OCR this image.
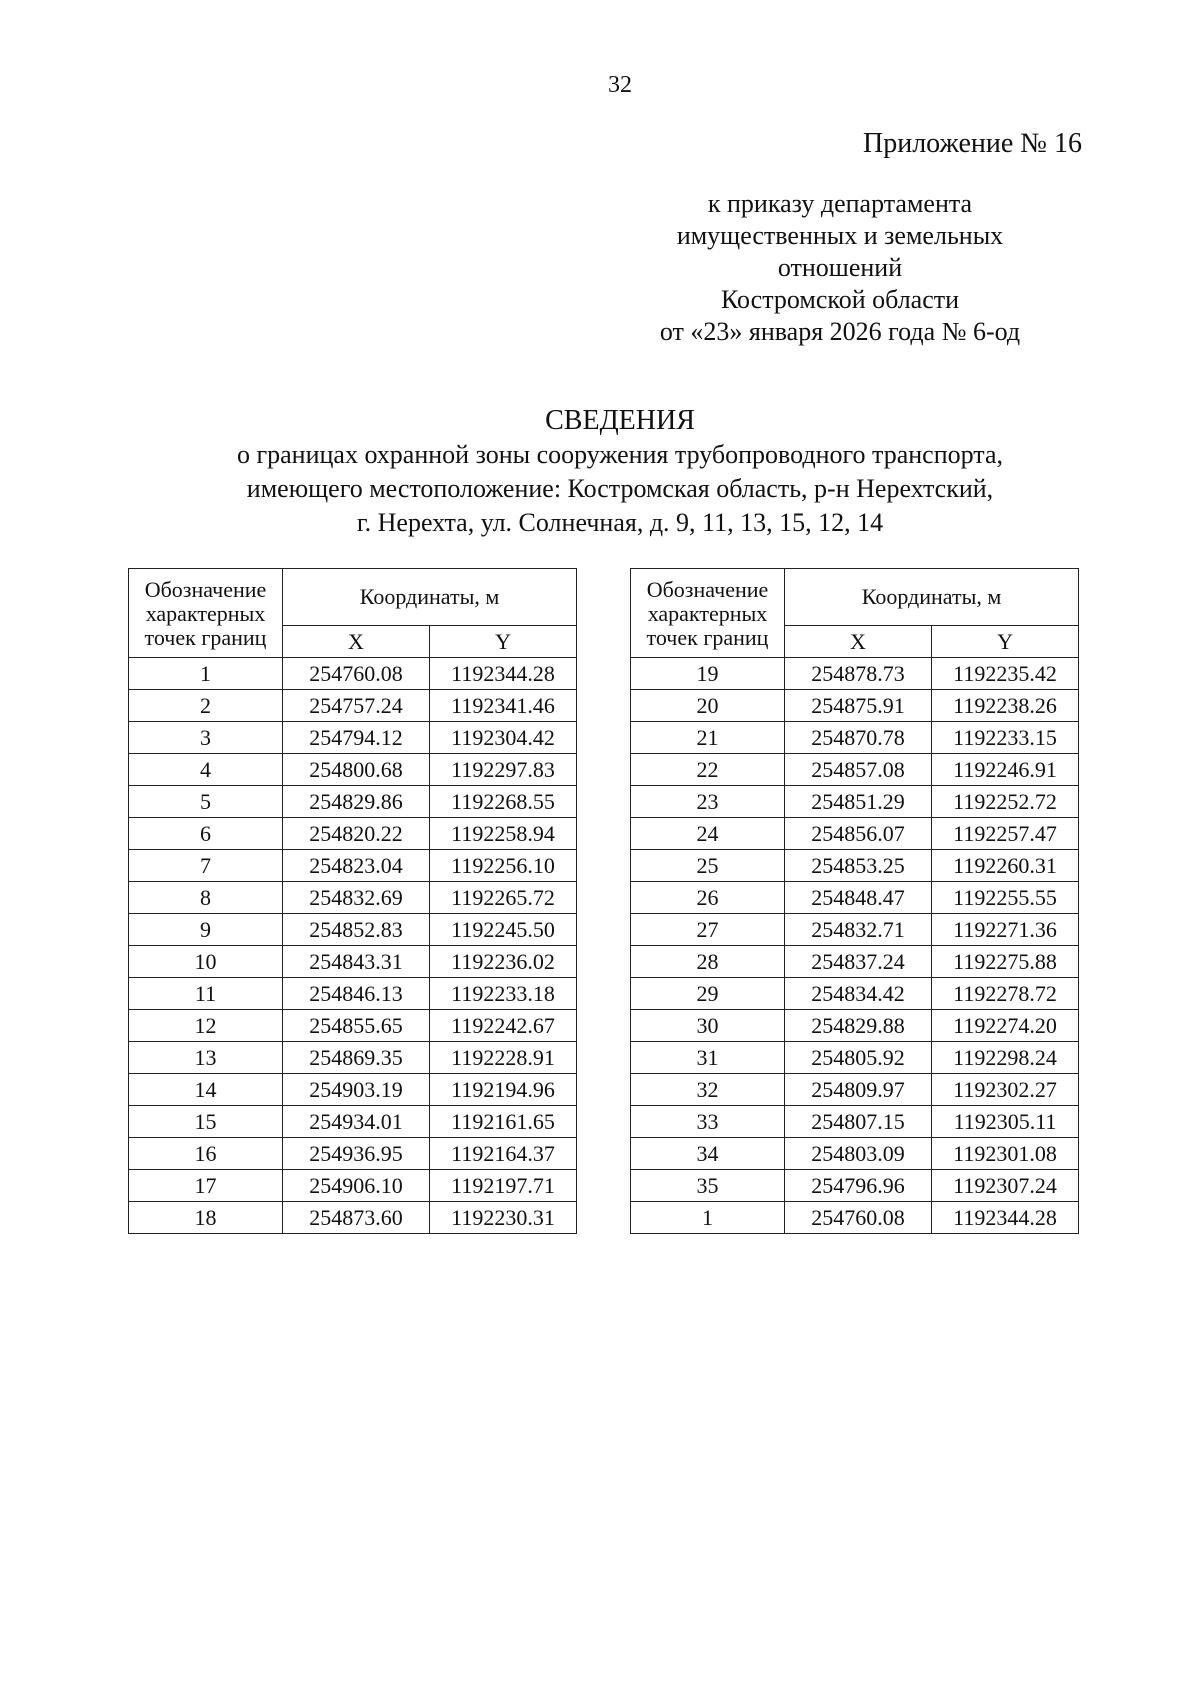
32
Приложение № 16
к приказу департамента
имущественных и земельных
отношений
Костромской области
от «23» января 2026 года № 6-од
СВЕДЕНИЯ
о границах охранной зоны сооружения трубопроводного транспорта,
имеющего местоположение: Костромская область, р-н Нерехтский,
г. Нерехта, ул. Солнечная, д. 9, 11, 13, 15, 12, 14
Обозначение
характерных
точек границ	Координаты, м	
	X	Y
1	254760.08	1192344.28
2	254757.24	1192341.46
3	254794.12	1192304.42
4	254800.68	1192297.83
5	254829.86	1192268.55
6	254820.22	1192258.94
7	254823.04	1192256.10
8	254832.69	1192265.72
9	254852.83	1192245.50
10	254843.31	1192236.02
11	254846.13	1192233.18
12	254855.65	1192242.67
13	254869.35	1192228.91
14	254903.19	1192194.96
15	254934.01	1192161.65
16	254936.95	1192164.37
17	254906.10	1192197.71
18	254873.60	1192230.31
Обозначение
характерных
точек границ	Координаты, м	
	X	Y
19	254878.73	1192235.42
20	254875.91	1192238.26
21	254870.78	1192233.15
22	254857.08	1192246.91
23	254851.29	1192252.72
24	254856.07	1192257.47
25	254853.25	1192260.31
26	254848.47	1192255.55
27	254832.71	1192271.36
28	254837.24	1192275.88
29	254834.42	1192278.72
30	254829.88	1192274.20
31	254805.92	1192298.24
32	254809.97	1192302.27
33	254807.15	1192305.11
34	254803.09	1192301.08
35	254796.96	1192307.24
1	254760.08	1192344.28
